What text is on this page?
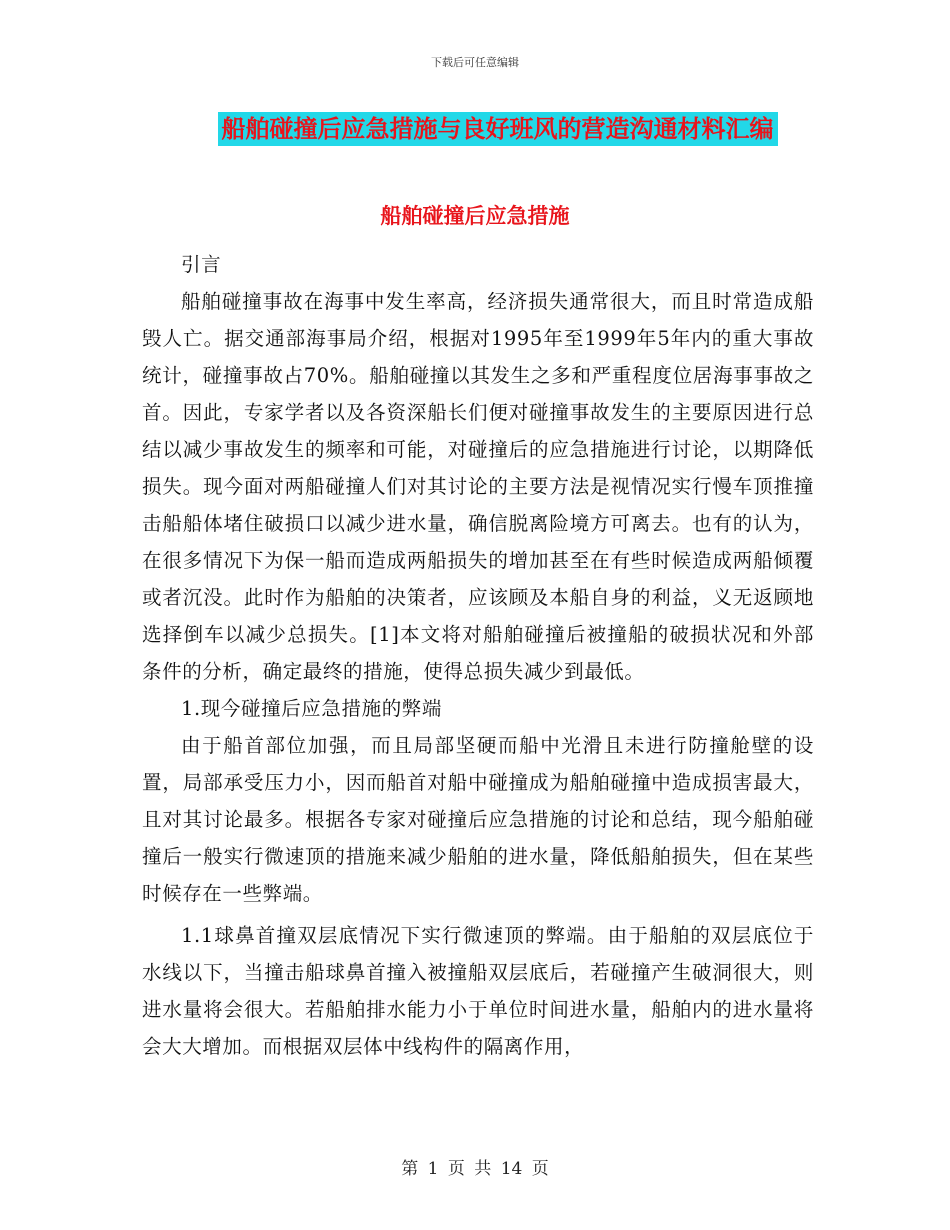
下载后可任意编辑
船舶碰撞后应急措施与良好班风的营造沟通材料汇编
船舶碰撞后应急措施

引言

船舶碰撞事故在海事中发生率高，经济损失通常很大，而且时常造成船毁人亡。据交通部海事局介绍，根据对1995年至1999年5年内的重大事故统计，碰撞事故占70%。船舶碰撞以其发生之多和严重程度位居海事事故之首。因此，专家学者以及各资深船长们便对碰撞事故发生的主要原因进行总结以减少事故发生的频率和可能，对碰撞后的应急措施进行讨论，以期降低损失。现今面对两船碰撞人们对其讨论的主要方法是视情况实行慢车顶推撞击船船体堵住破损口以减少进水量，确信脱离险境方可离去。也有的认为，在很多情况下为保一船而造成两船损失的增加甚至在有些时候造成两船倾覆或者沉没。此时作为船舶的决策者，应该顾及本船自身的利益，义无返顾地选择倒车以减少总损失。[1]本文将对船舶碰撞后被撞船的破损状况和外部条件的分析，确定最终的措施，使得总损失减少到最低。

1.现今碰撞后应急措施的弊端

由于船首部位加强，而且局部坚硬而船中光滑且未进行防撞舱壁的设置，局部承受压力小，因而船首对船中碰撞成为船舶碰撞中造成损害最大，且对其讨论最多。根据各专家对碰撞后应急措施的讨论和总结，现今船舶碰撞后一般实行微速顶的措施来减少船舶的进水量，降低船舶损失，但在某些时候存在一些弊端。

1.1球鼻首撞双层底情况下实行微速顶的弊端。由于船舶的双层底位于水线以下，当撞击船球鼻首撞入被撞船双层底后，若碰撞产生破洞很大，则进水量将会很大。若船舶排水能力小于单位时间进水量，船舶内的进水量将会大大增加。而根据双层体中线构件的隔离作用，

第 1 页 共 14 页
